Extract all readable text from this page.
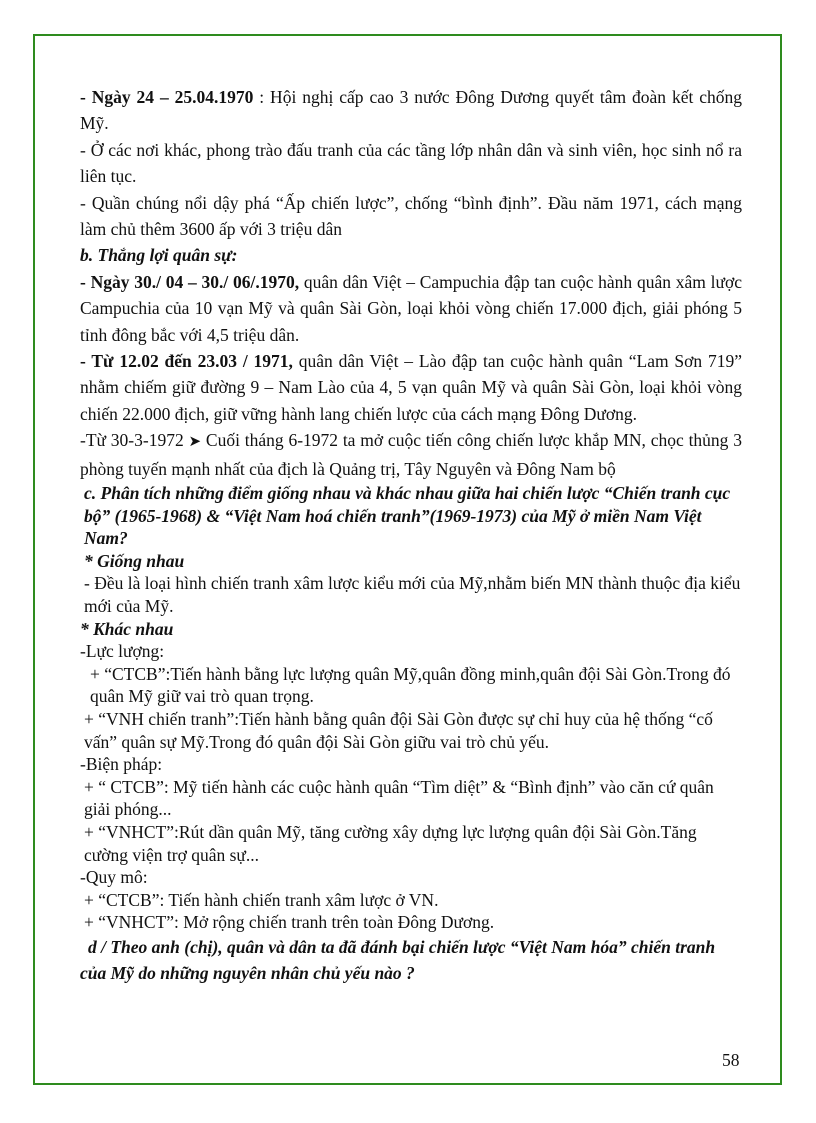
- Ngày 24 – 25.04.1970 : Hội nghị cấp cao 3 nước Đông Dương quyết tâm đoàn kết chống Mỹ.

- Ở các nơi khác, phong trào đấu tranh của các tầng lớp nhân dân và sinh viên, học sinh nổ ra liên tục.

- Quần chúng nổi dậy phá “Ấp chiến lược”, chống “bình định”. Đầu năm 1971, cách mạng làm chủ thêm 3600 ấp với 3 triệu dân

b. Thắng lợi quân sự:

- Ngày 30./ 04 – 30./ 06/.1970, quân dân Việt – Campuchia đập tan cuộc hành quân xâm lược Campuchia của 10 vạn Mỹ và quân Sài Gòn, loại khỏi vòng chiến 17.000 địch, giải phóng 5 tỉnh đông bắc với 4,5 triệu dân.

- Từ 12.02 đến 23.03 / 1971, quân dân Việt – Lào đập tan cuộc hành quân “Lam Sơn 719” nhằm chiếm giữ đường 9 – Nam Lào của 4, 5 vạn quân Mỹ và quân Sài Gòn, loại khỏi vòng chiến 22.000 địch, giữ vững hành lang chiến lược của cách mạng Đông Dương.

-Từ 30-3-1972 ➤ Cuối tháng 6-1972 ta mở cuộc tiến công chiến lược khắp MN, chọc thủng 3 phòng tuyến mạnh nhất của địch là Quảng trị, Tây Nguyên và Đông Nam bộ

c. Phân tích những điểm giống nhau và khác nhau giữa hai chiến lược “Chiến tranh cục bộ” (1965-1968) & “Việt Nam hoá chiến tranh”(1969-1973) của Mỹ ở miền Nam Việt Nam?

* Giống nhau

- Đều là loại hình chiến tranh xâm lược kiểu mới của Mỹ,nhằm biến MN thành thuộc địa kiểu mới của Mỹ.

* Khác nhau

-Lực lượng:

+ “CTCB”:Tiến hành bằng lực lượng quân Mỹ,quân đồng minh,quân đội Sài Gòn.Trong đó quân Mỹ giữ vai trò quan trọng.

+ “VNH chiến tranh”:Tiến hành bằng quân đội Sài Gòn được sự chỉ huy của hệ thống “cố vấn” quân sự Mỹ.Trong đó quân đội Sài Gòn giữu vai trò chủ yếu.

-Biện pháp:

+ “ CTCB”: Mỹ tiến hành các cuộc hành quân “Tìm diệt” & “Bình định” vào căn cứ quân giải phóng...

+ “VNHCT”:Rút dần quân Mỹ, tăng cường xây dựng lực lượng quân đội Sài Gòn.Tăng cường viện trợ quân sự...

-Quy mô:

+ “CTCB”: Tiến hành chiến tranh xâm lược ở VN.

+ “VNHCT”: Mở rộng chiến tranh trên toàn Đông Dương.

d / Theo anh (chị), quân và dân ta đã đánh bại chiến lược “Việt Nam hóa” chiến tranh của Mỹ do những nguyên nhân chủ yếu nào ?

58
